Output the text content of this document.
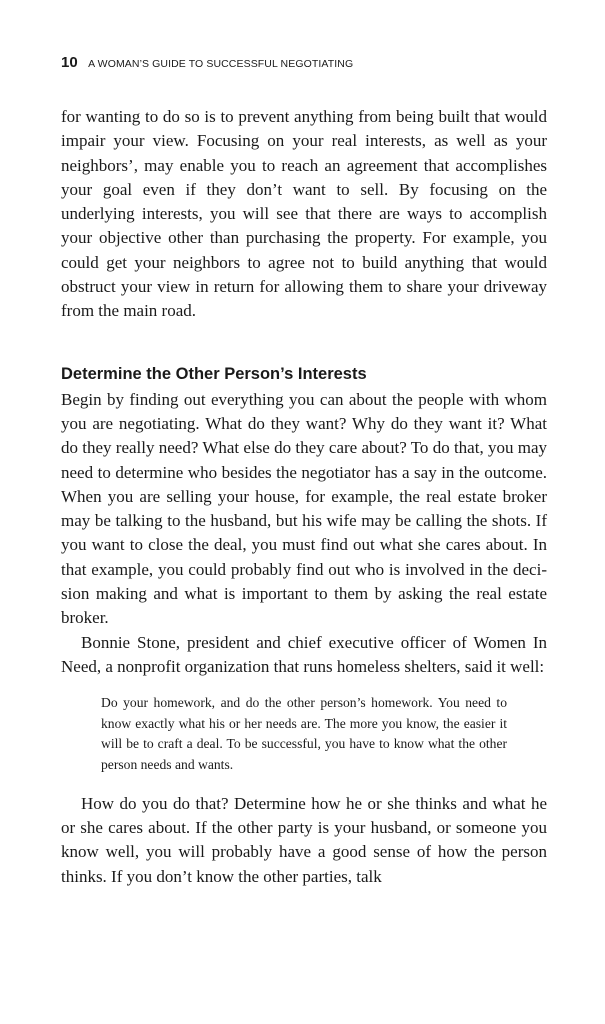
10 A WOMAN’S GUIDE TO SUCCESSFUL NEGOTIATING

for wanting to do so is to prevent anything from being built that would impair your view. Focusing on your real interests, as well as your neighbors’, may enable you to reach an agreement that accomplishes your goal even if they don’t want to sell. By focusing on the underlying interests, you will see that there are ways to accomplish your objective other than purchasing the property. For example, you could get your neighbors to agree not to build anything that would obstruct your view in return for allowing them to share your driveway from the main road.

Determine the Other Person’s Interests

Begin by finding out everything you can about the people with whom you are negotiating. What do they want? Why do they want it? What do they really need? What else do they care about? To do that, you may need to determine who besides the negotiator has a say in the outcome. When you are selling your house, for example, the real estate broker may be talking to the husband, but his wife may be calling the shots. If you want to close the deal, you must find out what she cares about. In that example, you could probably find out who is involved in the decision making and what is important to them by asking the real estate broker.

Bonnie Stone, president and chief executive officer of Women In Need, a nonprofit organization that runs homeless shelters, said it well:

Do your homework, and do the other person’s homework. You need to know exactly what his or her needs are. The more you know, the easier it will be to craft a deal. To be successful, you have to know what the other person needs and wants.

How do you do that? Determine how he or she thinks and what he or she cares about. If the other party is your husband, or someone you know well, you will probably have a good sense of how the person thinks. If you don’t know the other parties, talk
